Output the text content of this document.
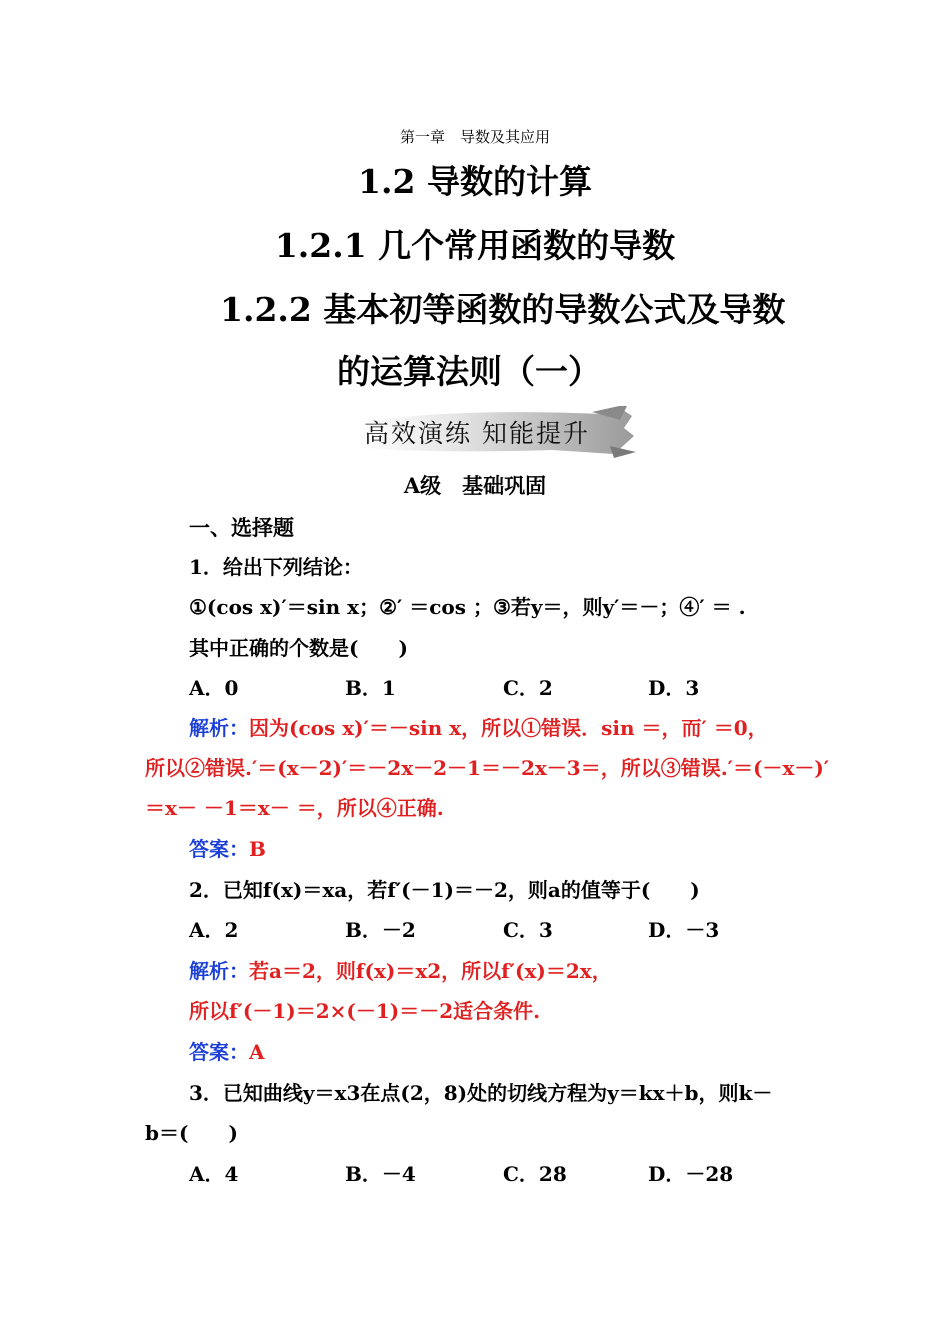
第一章　导数及其应用
1.2 导数的计算
1.2.1 几个常用函数的导数
1.2.2 基本初等函数的导数公式及导数
的运算法则（一）
高效演练 知能提升
A级　基础巩固
一、选择题
1．给出下列结论：
①(cos x)′＝sin x；②′ ＝cos ；③若y＝，则y′＝－；④′ ＝ .
其中正确的个数是(　　)
A．0	B．1	C．2	D．3
解析：因为(cos x)′＝－sin x，所以①错误．sin ＝，而′ ＝0，
所以②错误.′＝(x－2)′＝－2x－2－1＝－2x－3＝，所以③错误.′＝(－x－)′
＝x－ －1＝x－ ＝，所以④正确.
答案：B
2．已知f(x)＝xa，若f′(－1)＝－2，则a的值等于(　　)
A．2	B．－2	C．3	D．－3
解析：若a＝2，则f(x)＝x2，所以f′(x)＝2x，
所以f′(－1)＝2×(－1)＝－2适合条件.
答案：A
3．已知曲线y＝x3在点(2，8)处的切线方程为y＝kx＋b，则k－
b＝(　　)
A．4	B．－4	C．28	D．－28
